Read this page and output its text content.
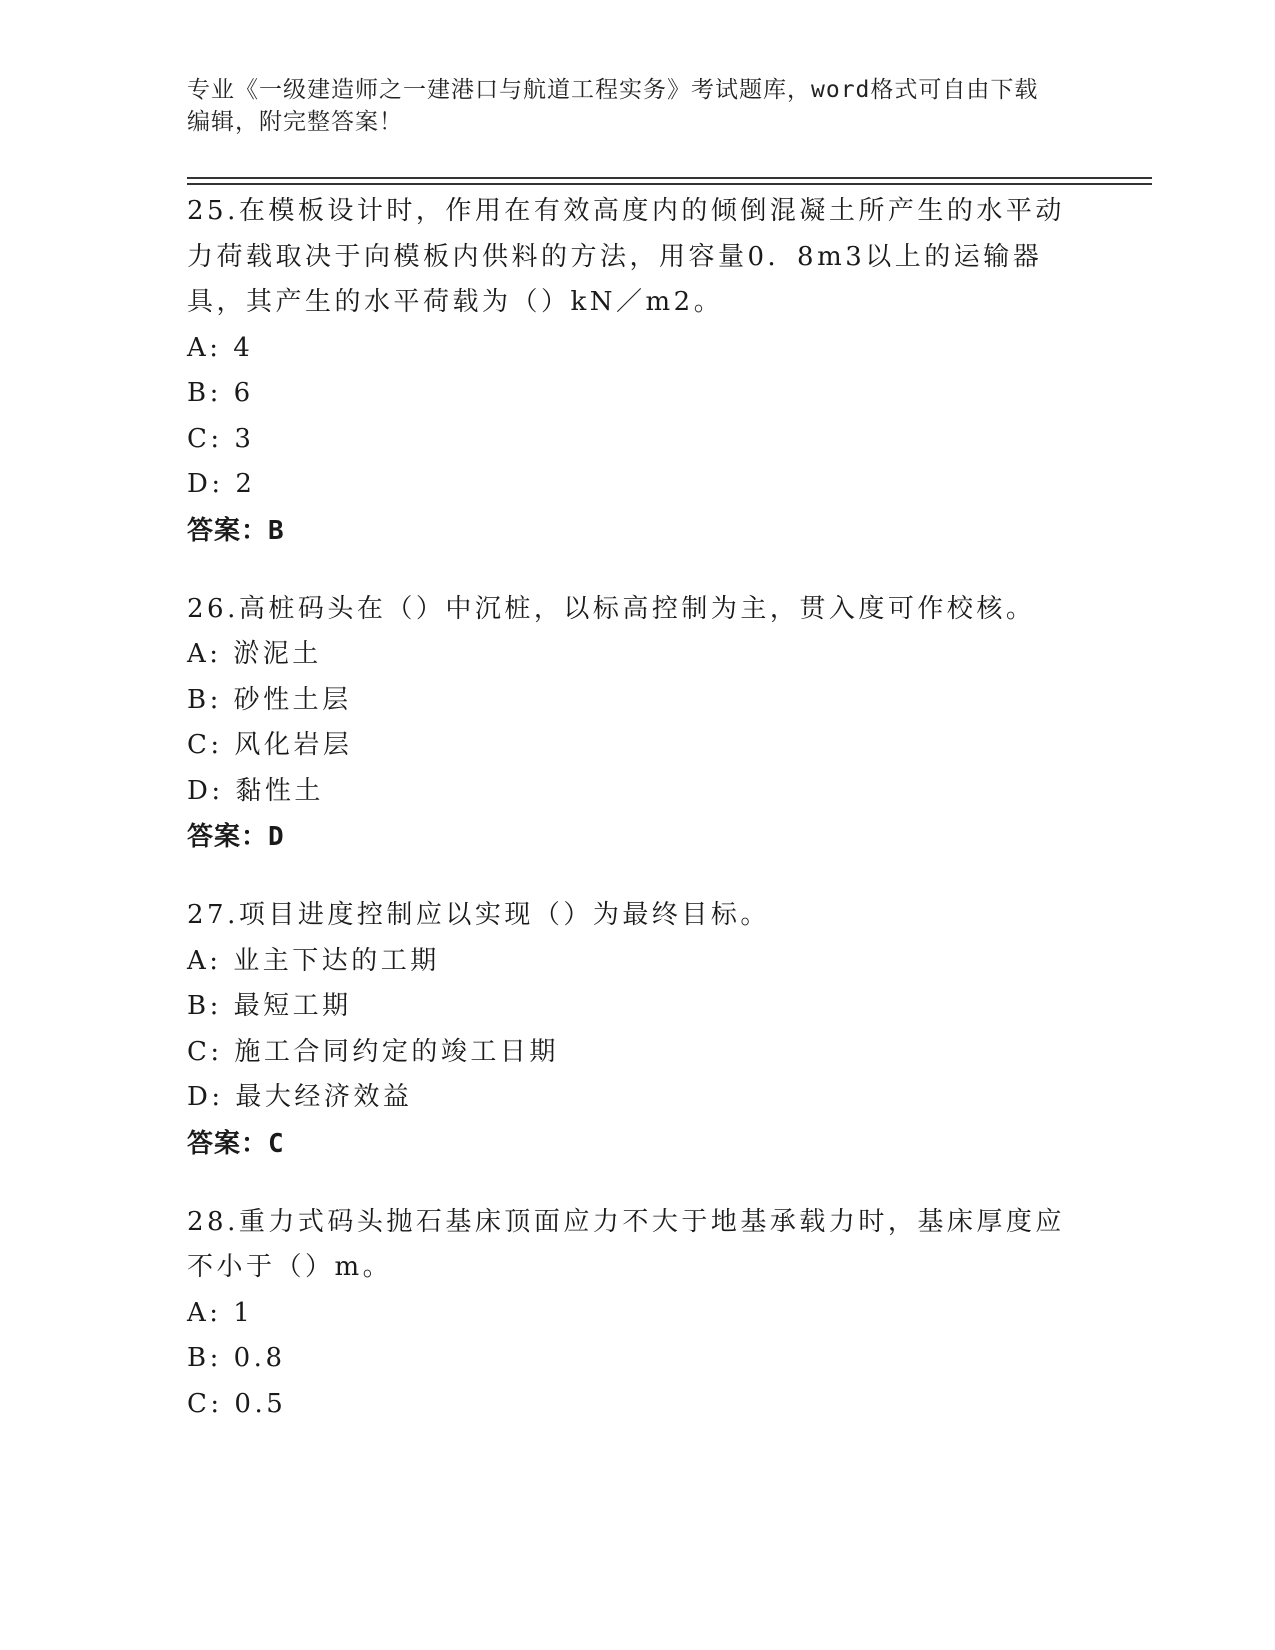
专业《一级建造师之一建港口与航道工程实务》考试题库，word格式可自由下载
编辑，附完整答案！

25.在模板设计时，作用在有效高度内的倾倒混凝土所产生的水平动力荷载取决于向模板内供料的方法，用容量0．8m3以上的运输器具，其产生的水平荷载为（）kN／m2。

A: 4
B: 6
C: 3
D: 2

答案：B

26.高桩码头在（）中沉桩，以标高控制为主，贯入度可作校核。

A: 淤泥土
B: 砂性土层
C: 风化岩层
D: 黏性土

答案：D

27.项目进度控制应以实现（）为最终目标。

A: 业主下达的工期
B: 最短工期
C: 施工合同约定的竣工日期
D: 最大经济效益

答案：C

28.重力式码头抛石基床顶面应力不大于地基承载力时，基床厚度应不小于（）m。

A: 1
B: 0.8
C: 0.5
